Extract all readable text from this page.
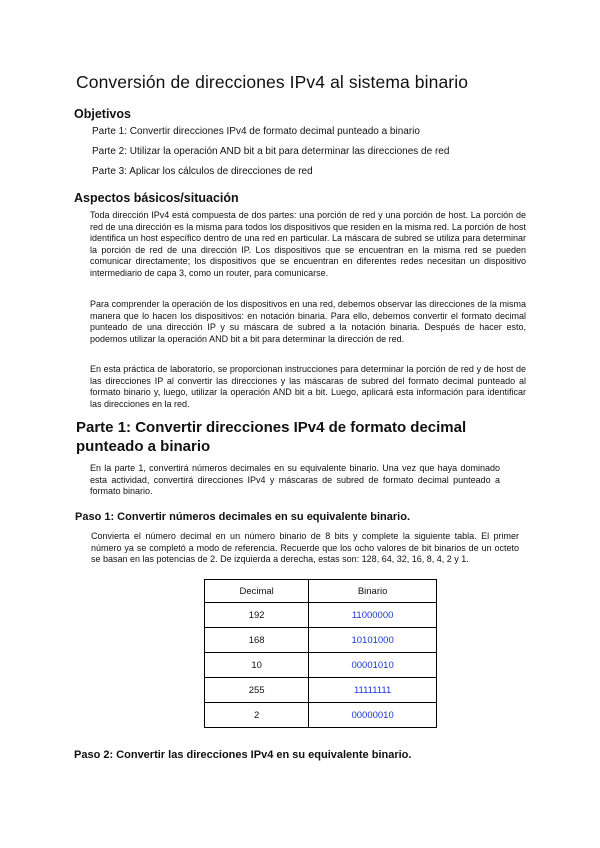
Conversión de direcciones IPv4 al sistema binario
Objetivos
Parte 1: Convertir direcciones IPv4 de formato decimal punteado a binario
Parte 2: Utilizar la operación AND bit a bit para determinar las direcciones de red
Parte 3: Aplicar los cálculos de direcciones de red
Aspectos básicos/situación

Toda dirección IPv4 está compuesta de dos partes: una porción de red y una porción de host. La porción de red de una dirección es la misma para todos los dispositivos que residen en la misma red. La porción de host identifica un host específico dentro de una red en particular. La máscara de subred se utiliza para determinar la porción de red de una dirección IP. Los dispositivos que se encuentran en la misma red se pueden comunicar directamente; los dispositivos que se encuentran en diferentes redes necesitan un dispositivo intermediario de capa 3, como un router, para comunicarse.

Para comprender la operación de los dispositivos en una red, debemos observar las direcciones de la misma manera que lo hacen los dispositivos: en notación binaria. Para ello, debemos convertir el formato decimal punteado de una dirección IP y su máscara de subred a la notación binaria. Después de hacer esto, podemos utilizar la operación AND bit a bit para determinar la dirección de red.

En esta práctica de laboratorio, se proporcionan instrucciones para determinar la porción de red y de host de las direcciones IP al convertir las direcciones y las máscaras de subred del formato decimal punteado al formato binario y, luego, utilizar la operación AND bit a bit. Luego, aplicará esta información para identificar las direcciones en la red.

Parte 1: Convertir direcciones IPv4 de formato decimal punteado a binario

En la parte 1, convertirá números decimales en su equivalente binario. Una vez que haya dominado esta actividad, convertirá direcciones IPv4 y máscaras de subred de formato decimal punteado a formato binario.

Paso 1: Convertir números decimales en su equivalente binario.

Convierta el número decimal en un número binario de 8 bits y complete la siguiente tabla. El primer número ya se completó a modo de referencia. Recuerde que los ocho valores de bit binarios de un octeto se basan en las potencias de 2. De izquierda a derecha, estas son: 128, 64, 32, 16, 8, 4, 2 y 1.

Decimal	Binario
192	11000000
168	10101000
10	00001010
255	11111111
2	00000010
Paso 2: Convertir las direcciones IPv4 en su equivalente binario.
